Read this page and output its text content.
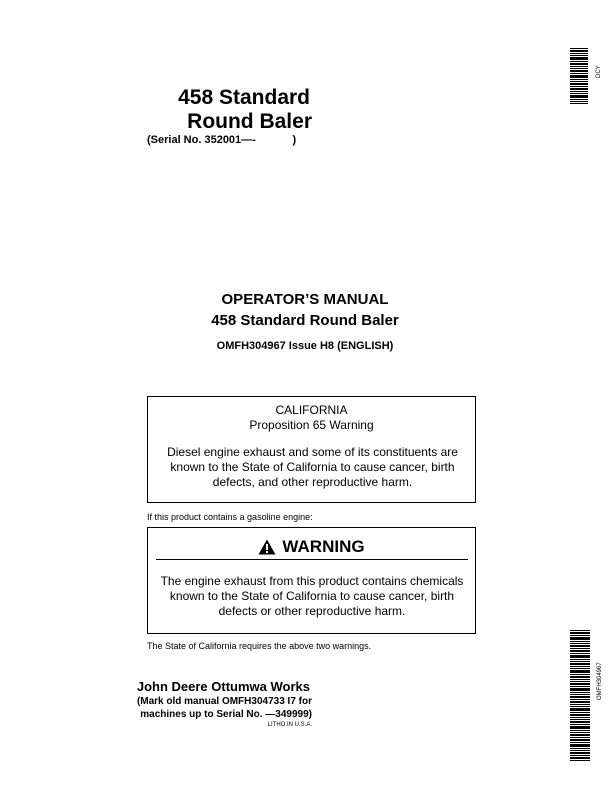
458 Standard
Round Baler
(Serial No. 352001—-            )
DCY
OPERATOR’S MANUAL
458 Standard Round Baler
OMFH304967 Issue H8 (ENGLISH)
CALIFORNIA
Proposition 65 Warning
Diesel engine exhaust and some of its constituents are known to the State of California to cause cancer, birth defects, and other reproductive harm.
If this product contains a gasoline engine:
WARNING
The engine exhaust from this product contains chemicals known to the State of California to cause cancer, birth defects or other reproductive harm.
The State of California requires the above two warnings.
John Deere Ottumwa Works
(Mark old manual OMFH304733 I7 for
machines up to Serial No. —349999)
LITHO IN U.S.A.
OMFH304967
